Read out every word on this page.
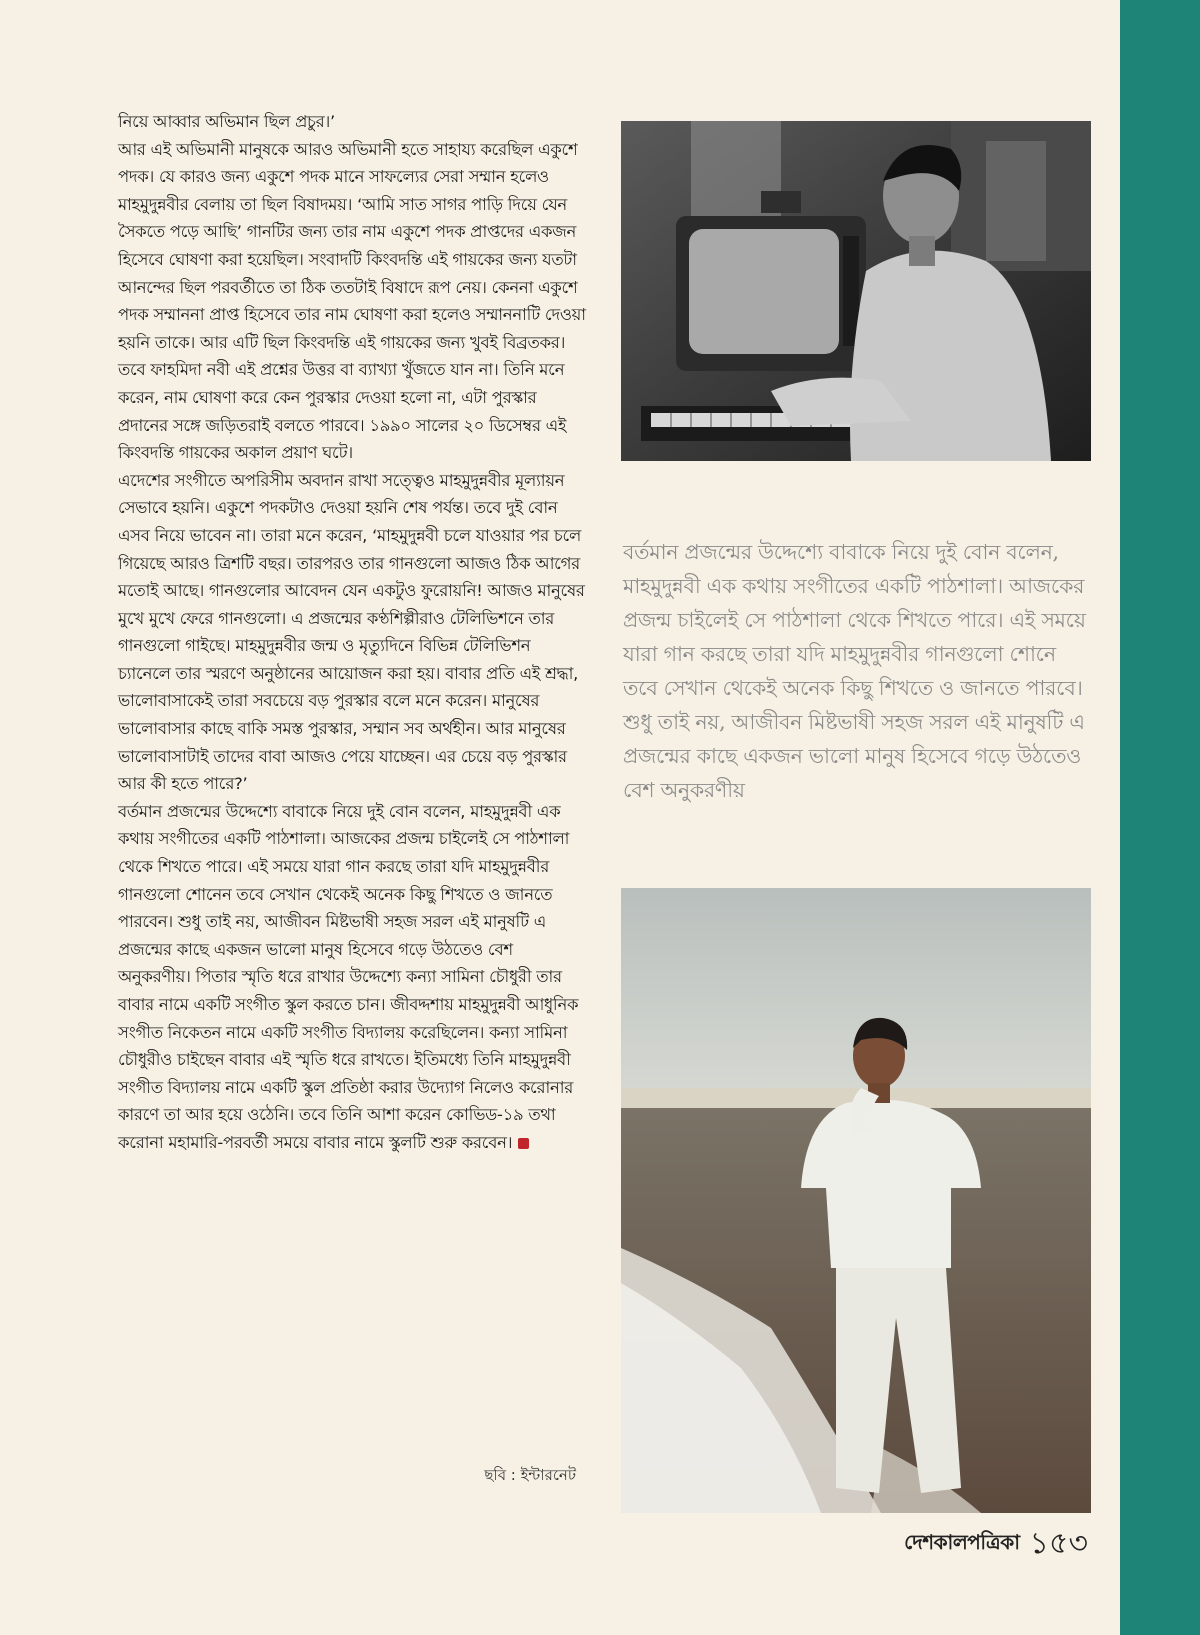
নিয়ে আব্বার অভিমান ছিল প্রচুর।’

আর এই অভিমানী মানুষকে আরও অভিমানী হতে সাহায্য করেছিল একুশে পদক। যে কারও জন্য একুশে পদক মানে সাফল্যের সেরা সম্মান হলেও মাহমুদুন্নবীর বেলায় তা ছিল বিষাদময়। ‘আমি সাত সাগর পাড়ি দিয়ে যেন সৈকতে পড়ে আছি’ গানটির জন্য তার নাম একুশে পদক প্রাপ্তদের একজন হিসেবে ঘোষণা করা হয়েছিল। সংবাদটি কিংবদন্তি এই গায়কের জন্য যতটা আনন্দের ছিল পরবর্তীতে তা ঠিক ততটাই বিষাদে রূপ নেয়। কেননা একুশে পদক সম্মাননা প্রাপ্ত হিসেবে তার নাম ঘোষণা করা হলেও সম্মাননাটি দেওয়া হয়নি তাকে। আর এটি ছিল কিংবদন্তি এই গায়কের জন্য খুবই বিব্রতকর। তবে ফাহমিদা নবী এই প্রশ্নের উত্তর বা ব্যাখ্যা খুঁজতে যান না। তিনি মনে করেন, নাম ঘোষণা করে কেন পুরস্কার দেওয়া হলো না, এটা পুরস্কার প্রদানের সঙ্গে জড়িতরাই বলতে পারবে। ১৯৯০ সালের ২০ ডিসেম্বর এই কিংবদন্তি গায়কের অকাল প্রয়াণ ঘটে।

এদেশের সংগীতে অপরিসীম অবদান রাখা সত্ত্বেও মাহমুদুন্নবীর মূল্যায়ন সেভাবে হয়নি। একুশে পদকটাও দেওয়া হয়নি শেষ পর্যন্ত। তবে দুই বোন এসব নিয়ে ভাবেন না। তারা মনে করেন, ‘মাহমুদুন্নবী চলে যাওয়ার পর চলে গিয়েছে আরও ত্রিশটি বছর। তারপরও তার গানগুলো আজও ঠিক আগের মতোই আছে। গানগুলোর আবেদন যেন একটুও ফুরোয়নি! আজও মানুষের মুখে মুখে ফেরে গানগুলো। এ প্রজন্মের কণ্ঠশিল্পীরাও টেলিভিশনে তার গানগুলো গাইছে। মাহমুদুন্নবীর জন্ম ও মৃত্যুদিনে বিভিন্ন টেলিভিশন চ্যানেলে তার স্মরণে অনুষ্ঠানের আয়োজন করা হয়। বাবার প্রতি এই শ্রদ্ধা, ভালোবাসাকেই তারা সবচেয়ে বড় পুরস্কার বলে মনে করেন। মানুষের ভালোবাসার কাছে বাকি সমস্ত পুরস্কার, সম্মান সব অর্থহীন। আর মানুষের ভালোবাসাটাই তাদের বাবা আজও পেয়ে যাচ্ছেন। এর চেয়ে বড় পুরস্কার আর কী হতে পারে?’

বর্তমান প্রজন্মের উদ্দেশ্যে বাবাকে নিয়ে দুই বোন বলেন, মাহমুদুন্নবী এক কথায় সংগীতের একটি পাঠশালা। আজকের প্রজন্ম চাইলেই সে পাঠশালা থেকে শিখতে পারে। এই সময়ে যারা গান করছে তারা যদি মাহমুদুন্নবীর গানগুলো শোনেন তবে সেখান থেকেই অনেক কিছু শিখতে ও জানতে পারবেন। শুধু তাই নয়, আজীবন মিষ্টভাষী সহজ সরল এই মানুষটি এ প্রজন্মের কাছে একজন ভালো মানুষ হিসেবে গড়ে উঠতেও বেশ অনুকরণীয়। পিতার স্মৃতি ধরে রাখার উদ্দেশ্যে কন্যা সামিনা চৌধুরী তার বাবার নামে একটি সংগীত স্কুল করতে চান। জীবদ্দশায় মাহমুদুন্নবী আধুনিক সংগীত নিকেতন নামে একটি সংগীত বিদ্যালয় করেছিলেন। কন্যা সামিনা চৌধুরীও চাইছেন বাবার এই স্মৃতি ধরে রাখতে। ইতিমধ্যে তিনি মাহমুদুন্নবী সংগীত বিদ্যালয় নামে একটি স্কুল প্রতিষ্ঠা করার উদ্যোগ নিলেও করোনার কারণে তা আর হয়ে ওঠেনি। তবে তিনি আশা করেন কোভিড-১৯ তথা করোনা মহামারি-পরবর্তী সময়ে বাবার নামে স্কুলটি শুরু করবেন।

ছবি : ইন্টারনেট
বর্তমান প্রজন্মের উদ্দেশ্যে বাবাকে নিয়ে দুই বোন বলেন, মাহমুদুন্নবী এক কথায় সংগীতের একটি পাঠশালা। আজকের প্রজন্ম চাইলেই সে পাঠশালা থেকে শিখতে পারে। এই সময়ে যারা গান করছে তারা যদি মাহমুদুন্নবীর গানগুলো শোনে তবে সেখান থেকেই অনেক কিছু শিখতে ও জানতে পারবে। শুধু তাই নয়, আজীবন মিষ্টভাষী সহজ সরল এই মানুষটি এ প্রজন্মের কাছে একজন ভালো মানুষ হিসেবে গড়ে উঠতেও বেশ অনুকরণীয়
দেশকালপত্রিকা ১৫৩
